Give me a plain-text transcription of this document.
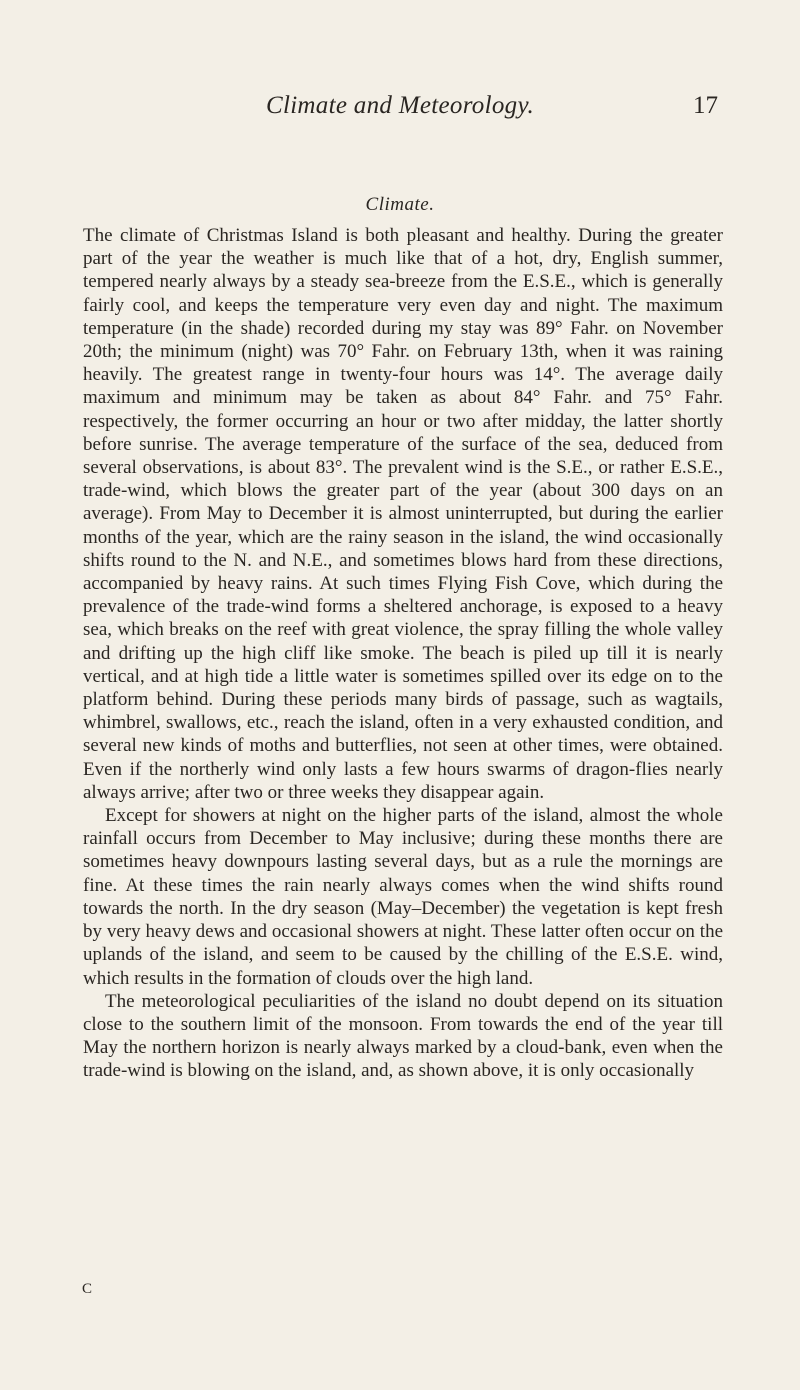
Climate and Meteorology.	17
Climate.

The climate of Christmas Island is both pleasant and healthy. During the greater part of the year the weather is much like that of a hot, dry, English summer, tempered nearly always by a steady sea-breeze from the E.S.E., which is generally fairly cool, and keeps the temperature very even day and night. The maximum temperature (in the shade) recorded during my stay was 89° Fahr. on November 20th; the minimum (night) was 70° Fahr. on February 13th, when it was raining heavily. The greatest range in twenty-four hours was 14°. The average daily maximum and minimum may be taken as about 84° Fahr. and 75° Fahr. respectively, the former occurring an hour or two after midday, the latter shortly before sunrise. The average temperature of the surface of the sea, deduced from several observations, is about 83°. The prevalent wind is the S.E., or rather E.S.E., trade-wind, which blows the greater part of the year (about 300 days on an average). From May to December it is almost uninterrupted, but during the earlier months of the year, which are the rainy season in the island, the wind occasionally shifts round to the N. and N.E., and sometimes blows hard from these directions, accompanied by heavy rains. At such times Flying Fish Cove, which during the prevalence of the trade-wind forms a sheltered anchorage, is exposed to a heavy sea, which breaks on the reef with great violence, the spray filling the whole valley and drifting up the high cliff like smoke. The beach is piled up till it is nearly vertical, and at high tide a little water is sometimes spilled over its edge on to the platform behind. During these periods many birds of passage, such as wagtails, whimbrel, swallows, etc., reach the island, often in a very exhausted condition, and several new kinds of moths and butterflies, not seen at other times, were obtained. Even if the northerly wind only lasts a few hours swarms of dragon-flies nearly always arrive; after two or three weeks they disappear again.

Except for showers at night on the higher parts of the island, almost the whole rainfall occurs from December to May inclusive; during these months there are sometimes heavy downpours lasting several days, but as a rule the mornings are fine. At these times the rain nearly always comes when the wind shifts round towards the north. In the dry season (May–December) the vegetation is kept fresh by very heavy dews and occasional showers at night. These latter often occur on the uplands of the island, and seem to be caused by the chilling of the E.S.E. wind, which results in the formation of clouds over the high land.

The meteorological peculiarities of the island no doubt depend on its situation close to the southern limit of the monsoon. From towards the end of the year till May the northern horizon is nearly always marked by a cloud-bank, even when the trade-wind is blowing on the island, and, as shown above, it is only occasionally

C
